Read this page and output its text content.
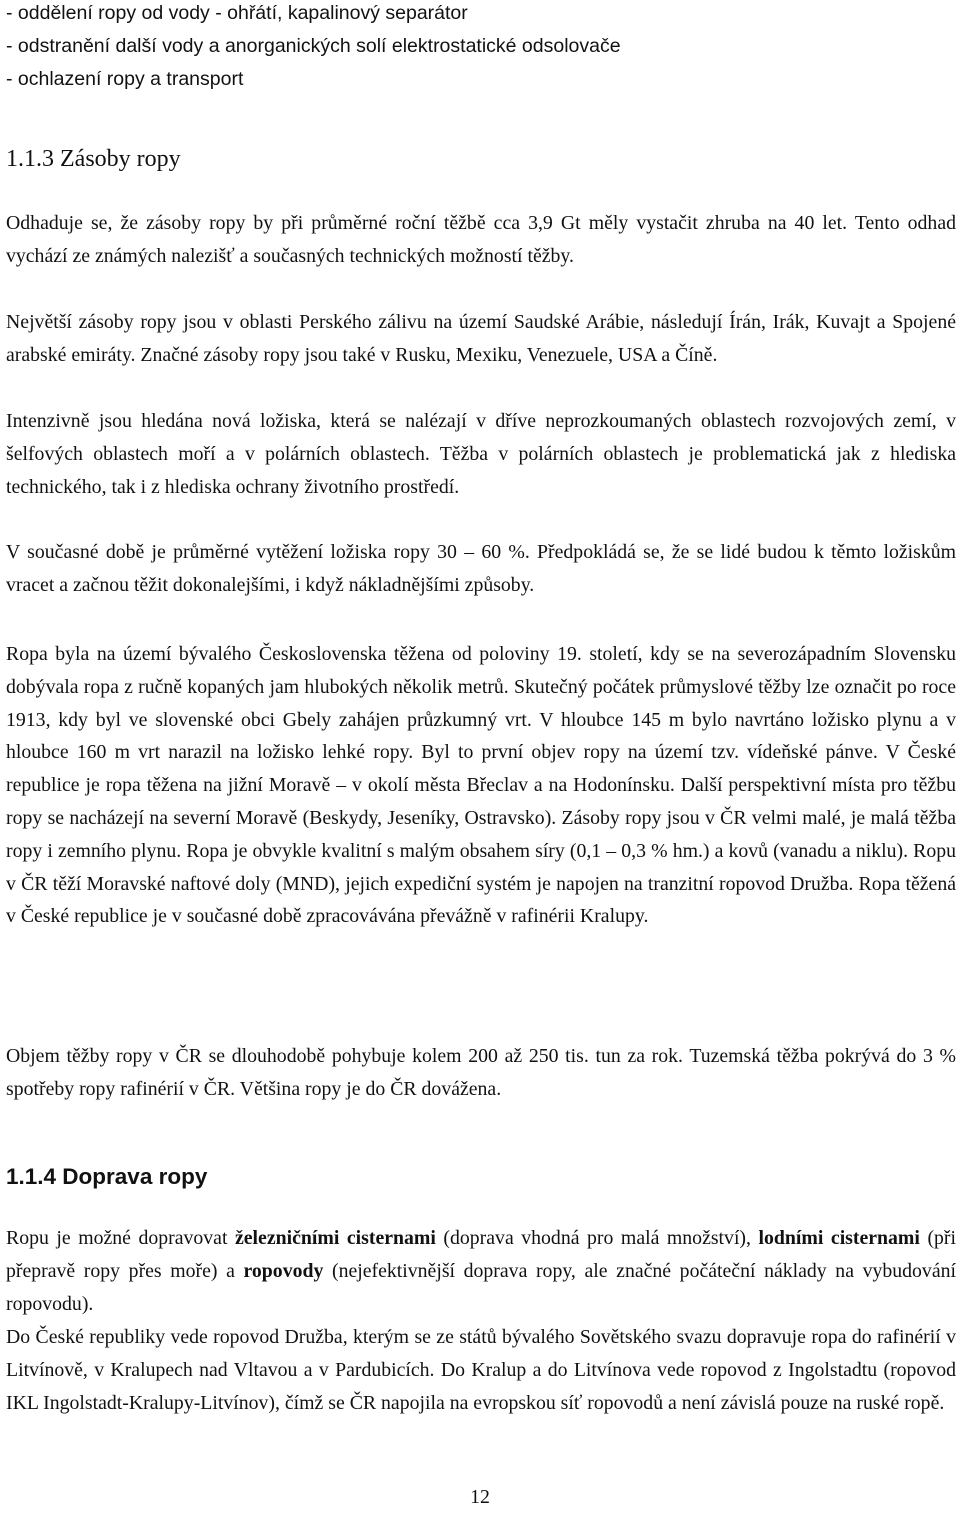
- oddělení ropy od vody - ohřátí, kapalinový separátor
- odstranění další vody a anorganických solí elektrostatické odsolovače
- ochlazení ropy a transport
1.1.3 Zásoby ropy
Odhaduje se, že zásoby ropy by při průměrné roční těžbě cca 3,9 Gt měly vystačit zhruba na 40 let. Tento odhad vychází ze známých nalezišť a současných technických možností těžby.
Největší zásoby ropy jsou v oblasti Perského zálivu na území Saudské Arábie, následují Írán, Irák, Kuvajt a Spojené arabské emiráty. Značné zásoby ropy jsou také v Rusku, Mexiku, Venezuele, USA a Číně.
Intenzivně jsou hledána nová ložiska, která se nalézají v dříve neprozkoumaných oblastech rozvojových zemí, v šelfových oblastech moří a v polárních oblastech. Těžba v polárních oblastech je problematická jak z hlediska technického, tak i z hlediska ochrany životního prostředí.
V současné době je průměrné vytěžení ložiska ropy 30 – 60 %. Předpokládá se, že se lidé budou k těmto ložiskům vracet a začnou těžit dokonalejšími, i když nákladnějšími způsoby.
Ropa byla na území bývalého Československa těžena od poloviny 19. století, kdy se na severozápadním Slovensku dobývala ropa z ručně kopaných jam hlubokých několik metrů. Skutečný počátek průmyslové těžby lze označit po roce 1913, kdy byl ve slovenské obci Gbely zahájen průzkumný vrt. V hloubce 145 m bylo navrtáno ložisko plynu a v hloubce 160 m vrt narazil na ložisko lehké ropy. Byl to první objev ropy na území tzv. vídeňské pánve. V České republice je ropa těžena na jižní Moravě – v okolí města Břeclav a na Hodonínsku. Další perspektivní místa pro těžbu ropy se nacházejí na severní Moravě (Beskydy, Jeseníky, Ostravsko). Zásoby ropy jsou v ČR velmi malé, je malá těžba ropy i zemního plynu. Ropa je obvykle kvalitní s malým obsahem síry (0,1 – 0,3 % hm.) a kovů (vanadu a niklu). Ropu v ČR těží Moravské naftové doly (MND), jejich expediční systém je napojen na tranzitní ropovod Družba. Ropa těžená v České republice je v současné době zpracovávána převážně v rafinérii Kralupy.
Objem těžby ropy v ČR se dlouhodobě pohybuje kolem 200 až 250 tis. tun za rok. Tuzemská těžba pokrývá do 3 % spotřeby ropy rafinérií v ČR. Většina ropy je do ČR dovážena.
1.1.4 Doprava ropy
Ropu je možné dopravovat železničními cisternami (doprava vhodná pro malá množství), lodními cisternami (při přepravě ropy přes moře) a ropovody (nejefektivnější doprava ropy, ale značné počáteční náklady na vybudování ropovodu).
Do České republiky vede ropovod Družba, kterým se ze států bývalého Sovětského svazu dopravuje ropa do rafinérií v Litvínově, v Kralupech nad Vltavou a v Pardubicích. Do Kralup a do Litvínova vede ropovod z Ingolstadtu (ropovod IKL Ingolstadt-Kralupy-Litvínov), čímž se ČR napojila na evropskou síť ropovodů a není závislá pouze na ruské ropě.
12
